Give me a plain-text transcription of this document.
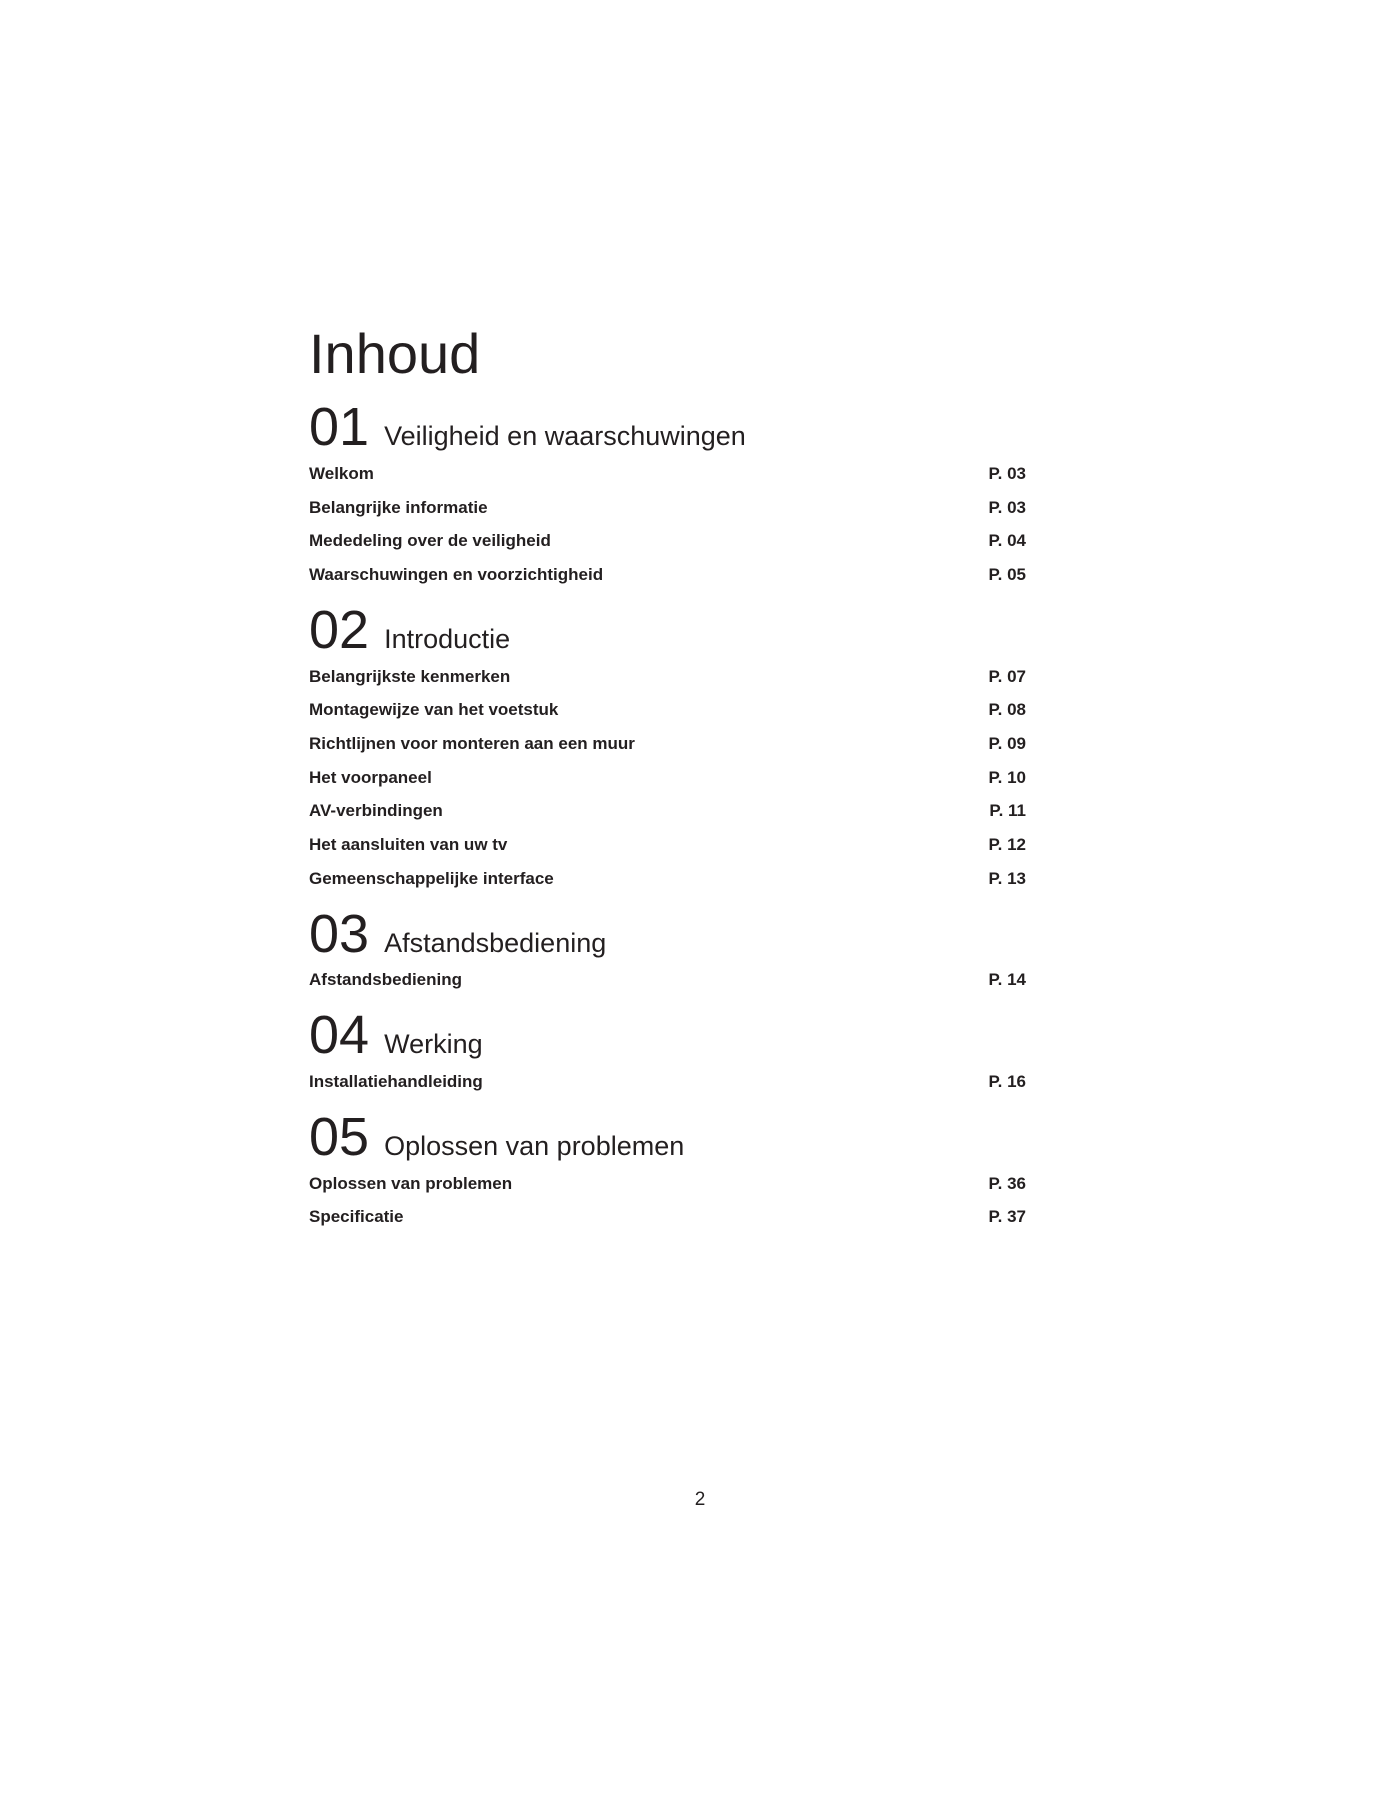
Inhoud
01 Veiligheid en waarschuwingen
Welkom	P. 03
Belangrijke informatie	P. 03
Mededeling over de veiligheid	P. 04
Waarschuwingen en voorzichtigheid	P. 05
02 Introductie
Belangrijkste kenmerken	P. 07
Montagewijze van het voetstuk	P. 08
Richtlijnen voor monteren aan een muur	P. 09
Het voorpaneel	P. 10
AV-verbindingen	P. 11
Het aansluiten van uw tv	P. 12
Gemeenschappelijke interface	P. 13
03 Afstandsbediening
Afstandsbediening	P. 14
04 Werking
Installatiehandleiding	P. 16
05 Oplossen van problemen
Oplossen van problemen	P. 36
Specificatie	P. 37
2
